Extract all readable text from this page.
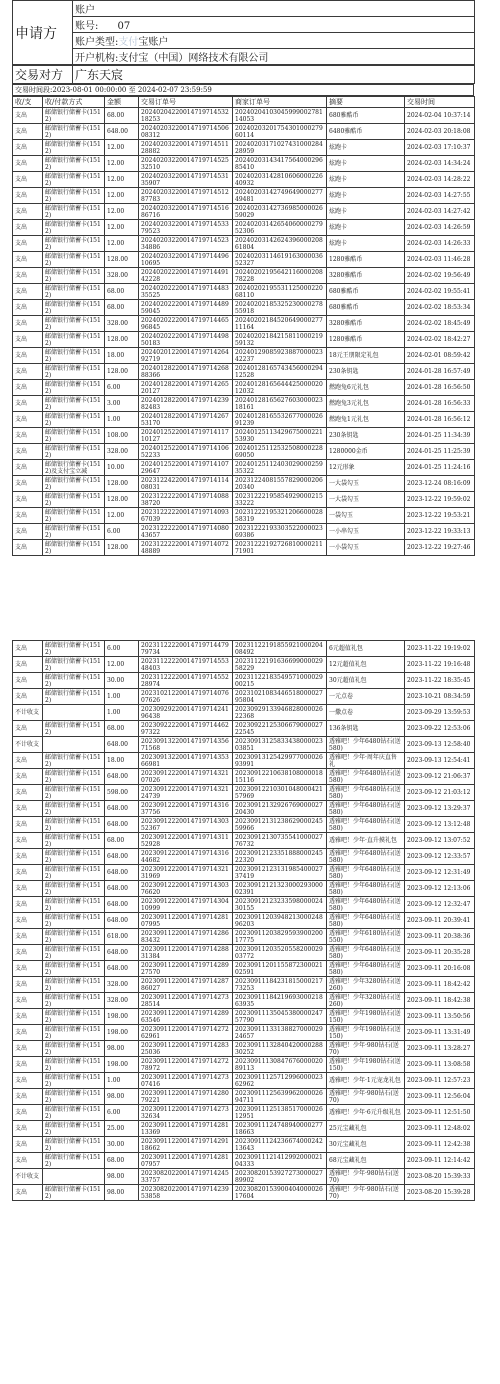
申请方	账户
账号: 07
账户类型:支付宝账户
开户机构:支付宝（中国）网络技术有限公司
交易对方	广东天宸
交易时间段:2023-08-01 00:00:00 至 2024-02-07 23:59:59
收/支	收/付款方式	金额	交易订单号	商家订单号	摘要	交易时间
支出	邮储银行储蓄卡(1512)	68.00	2024020422001471971453218253	2024020410304599900278114053	680雅酷币	2024-02-04 10:37:14
支出	邮储银行储蓄卡(1512)	648.00	2024020322001471971450608312	2024020320175430100027960114	6480雅酷币	2024-02-03 20:18:08
支出	邮储银行储蓄卡(1512)	12.00	2024020322001471971451128882	2024020317102743100028428959	炫跑卡	2024-02-03 17:10:37
支出	邮储银行储蓄卡(1512)	12.00	2024020322001471971452532510	2024020314341756400029685410	炫跑卡	2024-02-03 14:34:24
支出	邮储银行储蓄卡(1512)	12.00	2024020322001471971453135907	2024020314281060600022640932	炫跑卡	2024-02-03 14:28:22
支出	邮储银行储蓄卡(1512)	12.00	2024020322001471971451287783	2024020314274964900027749481	炫跑卡	2024-02-03 14:27:55
支出	邮储银行储蓄卡(1512)	12.00	2024020322001471971451686716	2024020314273698500002659029	炫跑卡	2024-02-03 14:27:42
支出	邮储银行储蓄卡(1512)	12.00	2024020322001471971453379523	2024020314265406000027952306	炫跑卡	2024-02-03 14:26:59
支出	邮储银行储蓄卡(1512)	12.00	2024020322001471971452334886	2024020314262439600020861804	炫跑卡	2024-02-03 14:26:33
支出	邮储银行储蓄卡(1512)	128.00	2024020322001471971449610695	2024020311461916300003652327	1280雅酷币	2024-02-03 11:46:28
支出	邮储银行储蓄卡(1512)	328.00	2024020222001471971449142228	2024020219564211600020878228	3280雅酷币	2024-02-02 19:56:49
支出	邮储银行储蓄卡(1512)	68.00	2024020222001471971448335525	2024020219553112500022068110	680雅酷币	2024-02-02 19:55:41
支出	邮储银行储蓄卡(1512)	68.00	2024020222001471971448959045	2024020218532523000027855918	680雅酷币	2024-02-02 18:53:34
支出	邮储银行储蓄卡(1512)	328.00	2024020222001471971446596845	2024020218452064900027711164	3280雅酷币	2024-02-02 18:45:49
支出	邮储银行储蓄卡(1512)	128.00	2024020222001471971449850183	2024020218421581100021959132	1280雅酷币	2024-02-02 18:42:27
支出	邮储银行储蓄卡(1512)	18.00	2024020122001471971426492719	2024012908592388700002342237	18元王朋限定礼包	2024-02-01 08:59:42
支出	邮储银行储蓄卡(1512)	128.00	2024012822001471971426888366	2024012816574345600029412528	230条钥匙	2024-01-28 16:57:49
支出	邮储银行储蓄卡(1512)	6.00	2024012822001471971426520127	2024012816564442500002012032	燃跑兔6元礼包	2024-01-28 16:56:50
支出	邮储银行储蓄卡(1512)	3.00	2024012822001471971423982483	2024012816562760300002318161	燃跑兔3元礼包	2024-01-28 16:56:33
支出	邮储银行储蓄卡(1512)	1.00	2024012822001471971426753170	2024012816553267700002691239	燃跑兔1元礼包	2024-01-28 16:56:12
支出	邮储银行储蓄卡(1512)	108.00	2024012522001471971411710127	2024012511342967500022153930	230条钥匙	2024-01-25 11:34:39
支出	邮储银行储蓄卡(1512)	328.00	2024012522001471971410652233	2024012511253250800022869050	1280000金币	2024-01-25 11:25:39
支出	邮储银行储蓄卡(1512)及支付宝立减	10.00	2024012522001471971410729647	2024012511240302900025935322	12元形象	2024-01-25 11:24:16
支出	邮储银行储蓄卡(1512)	128.00	2023122422001471971411408031	2023122408155782900020620340	一大袋勾玉	2023-12-24 08:16:09
支出	邮储银行储蓄卡(1512)	128.00	2023122222001471971408838720	2023122219585492900021533222	一大袋勾玉	2023-12-22 19:59:02
支出	邮储银行储蓄卡(1512)	12.00	2023122222001471971409367039	2023122219532120660002858319	一袋勾玉	2023-12-22 19:53:21
支出	邮储银行储蓄卡(1512)	6.00	2023122222001471971408043657	2023122219330352200002369386	一小串勾玉	2023-12-22 19:33:13
支出	邮储银行储蓄卡(1512)	128.00	2023122222001471971407248889	2023122219272681000021171901	一小袋勾玉	2023-12-22 19:27:46
支出	邮储银行储蓄卡(1512)	6.00	2023112222001471971447979734	2023112219185592100020408492	6元超值礼包	2023-11-22 19:19:02
支出	邮储银行储蓄卡(1512)	12.00	2023112222001471971455348403	2023112219163669900002958229	12元超值礼包	2023-11-22 19:16:48
支出	邮储银行储蓄卡(1512)	30.00	2023112222001471971455228974	2023112218354957100002900215	30元超值礼包	2023-11-22 18:35:45
支出	邮储银行储蓄卡(1512)	1.00	2023102122001471971407607626	2023102108344651800002795804	一元点卷	2023-10-21 08:34:59
不计收支		1.00	2023092922001471971424196438	2023092913394682800002622368	一撒点卷	2023-09-29 13:59:53
支出	邮储银行储蓄卡(1512)	68.00	2023092222001471971446297322	2023092212530667900002722545	136条钥匙	2023-09-22 12:53:06
不计收支		648.00	2023091322001471971435671568	2023091312583343800002303851	透雅吧！少年6480钻石(送580)	2023-09-13 12:58:40
支出	邮储银行储蓄卡(1512)	18.00	2023091322001471971435366981	2023091312542997700002693991	透雅吧！少年·周年庆直售礼	2023-09-13 12:54:41
支出	邮储银行储蓄卡(1512)	648.00	2023091222001471971432107026	2023091221063810800001815116	透雅吧！少年6480钻石(送580)	2023-09-12 21:06:37
支出	邮储银行储蓄卡(1512)	598.00	2023091222001471971432124739	2023091221030104800042157969	透雅吧！少年6480钻石(送580)	2023-09-12 21:03:12
支出	邮储银行储蓄卡(1512)	648.00	2023091222001471971431637756	2023091213292676900002720430	透雅吧！少年6480钻石(送580)	2023-09-12 13:29:37
支出	邮储银行储蓄卡(1512)	648.00	2023091222001471971430352367	2023091213123862900024559966	透雅吧！少年6480钻石(送580)	2023-09-12 13:12:48
支出	邮储银行储蓄卡(1512)	68.00	2023091222001471971431152928	2023091213073554100002776732	透雅吧！少年·直升摸礼包	2023-09-12 13:07:52
支出	邮储银行储蓄卡(1512)	648.00	2023091222001471971431644682	2023091212335188800024522320	透雅吧！少年6480钻石(送580)	2023-09-12 12:33:57
支出	邮储银行储蓄卡(1512)	648.00	2023091222001471971432131969	2023091212313198540002737419	透雅吧！少年6480钻石(送580)	2023-09-12 12:31:49
支出	邮储银行储蓄卡(1512)	648.00	2023091222001471971430376620	2023091212132300029300002391	透雅吧！少年6480钻石(送580)	2023-09-12 12:13:06
支出	邮储银行储蓄卡(1512)	648.00	2023091222001471971430410999	2023091212323359800002430155	透雅吧！少年6480钻石(送580)	2023-09-12 12:32:47
支出	邮储银行储蓄卡(1512)	648.00	2023091122001471971428107995	2023091120394821300024896203	透雅吧！少年6480钻石(送580)	2023-09-11 20:39:41
支出	邮储银行储蓄卡(1512)	618.00	2023091122001471971428683432	2023091120382959390020017775	透雅吧！少年6180钻石(送550)	2023-09-11 20:38:36
支出	邮储银行储蓄卡(1512)	648.00	2023091122001471971428831384	2023091120352055820002903772	透雅吧！少年6480钻石(送580)	2023-09-11 20:35:28
支出	邮储银行储蓄卡(1512)	648.00	2023091122001471971428927570	2023091120115587230002102591	透雅吧！少年6480钻石(送580)	2023-09-11 20:16:08
支出	邮储银行储蓄卡(1512)	328.00	2023091122001471971428786027	2023091118423181500021773253	透雅吧！少年3280钻石(送260)	2023-09-11 18:42:42
支出	邮储银行储蓄卡(1512)	328.00	2023091122001471971427328514	2023091118421969300021863935	透雅吧！少年3280钻石(送260)	2023-09-11 18:42:38
支出	邮储银行储蓄卡(1512)	198.00	2023091122001471971428963546	2023091113504538000024757790	透雅吧！少年1980钻石(送150)	2023-09-11 13:50:56
支出	邮储银行储蓄卡(1512)	198.00	2023091122001471971427262961	2023091113313882700002924657	透雅吧！少年1980钻石(送150)	2023-09-11 13:31:49
支出	邮储银行储蓄卡(1512)	98.00	2023091122001471971428325036	2023091113284042000028830252	透雅吧！少年·980钻石(送70)	2023-09-11 13:28:27
支出	邮储银行储蓄卡(1512)	198.00	2023091122001471971427278972	2023091113084767600002089113	透雅吧！少年1980钻石(送150)	2023-09-11 13:08:58
支出	邮储银行储蓄卡(1512)	1.00	2023091122001471971427307416	2023091112571299600002362962	透雅吧！少年·1元宠龙礼包	2023-09-11 12:57:23
支出	邮储银行储蓄卡(1512)	98.00	2023091122001471971428079221	2023091112563996200002694711	透雅吧！少年·980钻石(送70)	2023-09-11 12:56:04
支出	邮储银行储蓄卡(1512)	6.00	2023091122001471971427332634	2023091112513851700002612951	透雅吧！少年·6元升级礼包	2023-09-11 12:51:50
支出	邮储银行储蓄卡(1512)	25.00	2023091122001471971428113369	2023091112474894000027718663	25元宝藏礼包	2023-09-11 12:48:02
支出	邮储银行储蓄卡(1512)	30.00	2023091122001471971429118662	2023091112423667400024213643	30元宝藏礼包	2023-09-11 12:42:38
支出	邮储银行储蓄卡(1512)	68.00	2023091122001471971428107957	2023091112141299200002104333	68元宝藏礼包	2023-09-11 12:14:42
不计收支		98.00	2023082022001471971424533757	2023082015392727300002789902	透雅吧！少年·980钻石(送70)	2023-08-20 15:39:33
支出	邮储银行储蓄卡(1512)	98.00	2023082022001471971423953858	2023082015390040400002617604	透雅吧！少年·980钻石(送70)	2023-08-20 15:39:28
